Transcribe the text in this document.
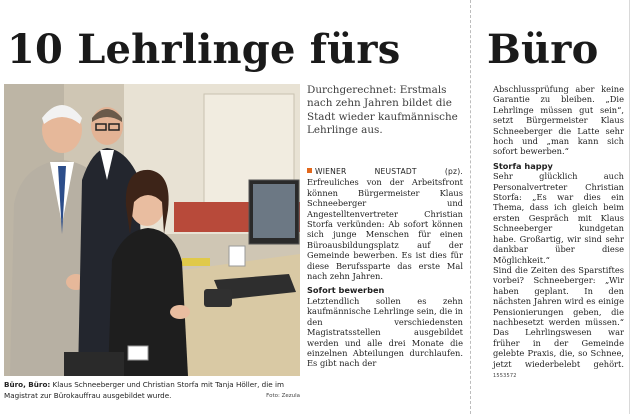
10 Lehrlinge fürs Büro
Büro, Büro: Klaus Schneeberger und Christian Storfa mit Tanja Höller, die im Magistrat zur Bürokauffrau ausgebildet wurde.	Foto: Zezula
Durchgerechnet: Erstmals nach zehn Jahren bildet die Stadt wieder kaufmännische Lehrlinge aus.

WIENER NEUSTADT (pz). Erfreuliches von der Arbeitsfront können Bürgermeister Klaus Schneeberger und Angestelltenvertreter Christian Storfa verkünden: Ab sofort können sich junge Menschen für einen Büroausbildungsplatz auf der Gemeinde bewerben. Es ist dies für diese Berufssparte das erste Mal nach zehn Jahren.

Sofort bewerben

Letztendlich sollen es zehn kaufmännische Lehrlinge sein, die in den verschiedensten Magistratsstellen ausgebildet werden und alle drei Monate die einzelnen Abteilungen durchlaufen. Es gibt nach der

Abschlussprüfung aber keine Garantie zu bleiben. „Die Lehrlinge müssen gut sein“, setzt Bürgermeister Klaus Schneeberger die Latte sehr hoch und „man kann sich sofort bewerben.“

Storfa happy

Sehr glücklich auch Personalvertreter Christian Storfa: „Es war dies ein Thema, dass ich gleich beim ersten Gespräch mit Klaus Schneeberger kundgetan habe. Großartig, wir sind sehr dankbar über diese Möglichkeit.“

Sind die Zeiten des Sparstiftes vorbei? Schneeberger: „Wir haben geplant. In den nächsten Jahren wird es einige Pensionierungen geben, die nachbesetzt werden müssen.“ Das Lehrlingswesen war früher in der Gemeinde gelebte Praxis, die, so Schnee, jetzt wiederbelebt gehört. 1553572
